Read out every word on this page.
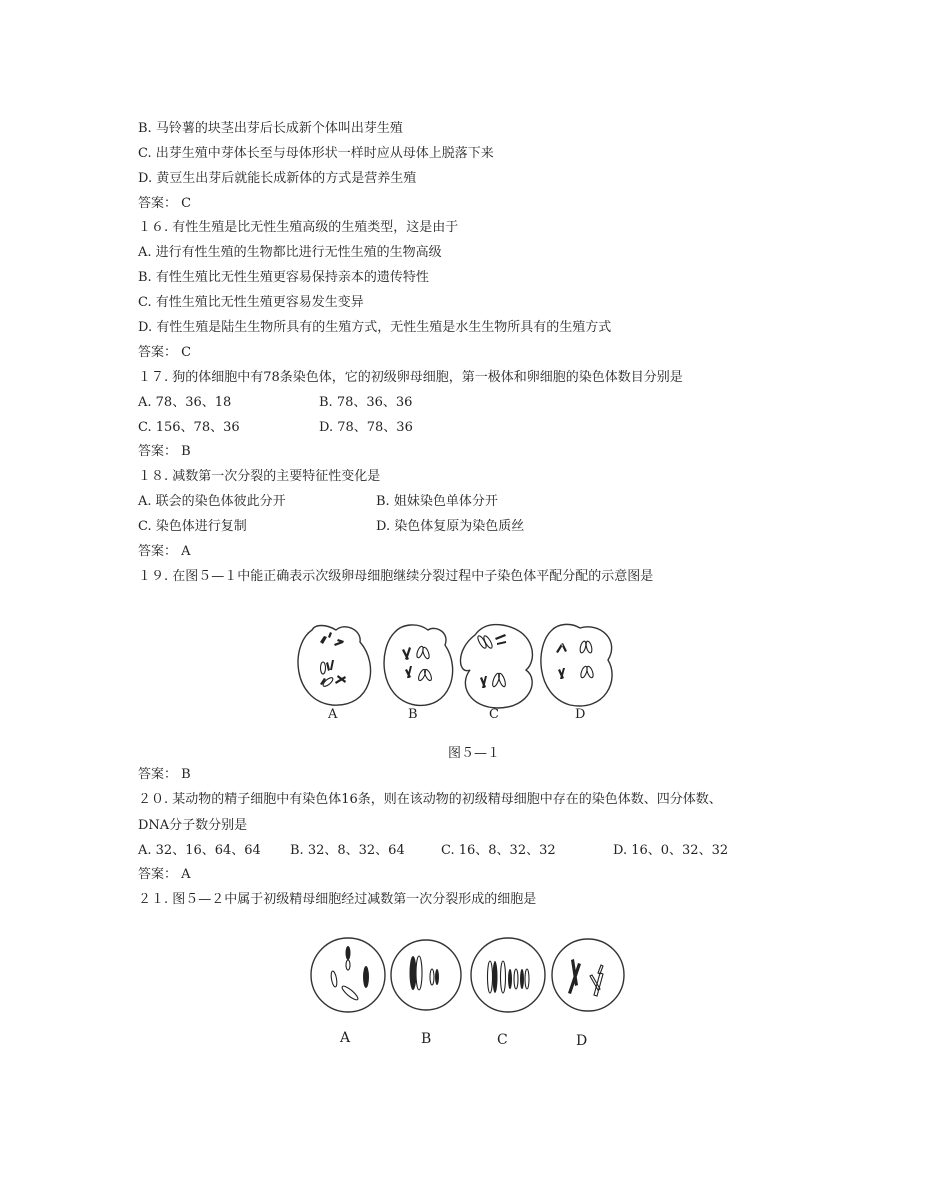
B. 马铃薯的块茎出芽后长成新个体叫出芽生殖
C. 出芽生殖中芽体长至与母体形状一样时应从母体上脱落下来
D. 黄豆生出芽后就能长成新体的方式是营养生殖
答案： C
１６. 有性生殖是比无性生殖高级的生殖类型，这是由于
A. 进行有性生殖的生物都比进行无性生殖的生物高级
B. 有性生殖比无性生殖更容易保持亲本的遗传特性
C. 有性生殖比无性生殖更容易发生变异
D. 有性生殖是陆生生物所具有的生殖方式，无性生殖是水生生物所具有的生殖方式
答案： C
１７. 狗的体细胞中有78条染色体，它的初级卵母细胞，第一极体和卵细胞的染色体数目分别是
A. 78、36、18	B. 78、36、36
C. 156、78、36	D. 78、78、36
答案： B
１８. 减数第一次分裂的主要特征性变化是
A. 联会的染色体彼此分开	B. 姐妹染色单体分开
C. 染色体进行复制	D. 染色体复原为染色质丝
答案： A
１９. 在图５—１中能正确表示次级卵母细胞继续分裂过程中子染色体平配分配的示意图是
A	B	C	D
图５—１
答案： B
２０. 某动物的精子细胞中有染色体16条，则在该动物的初级精母细胞中存在的染色体数、四分体数、
DNA分子数分别是
A. 32、16、64、64 B. 32、8、32、64	C. 16、8、32、32	D. 16、0、32、32
答案： A
２１. 图５—２中属于初级精母细胞经过减数第一次分裂形成的细胞是
A	B	C	D
